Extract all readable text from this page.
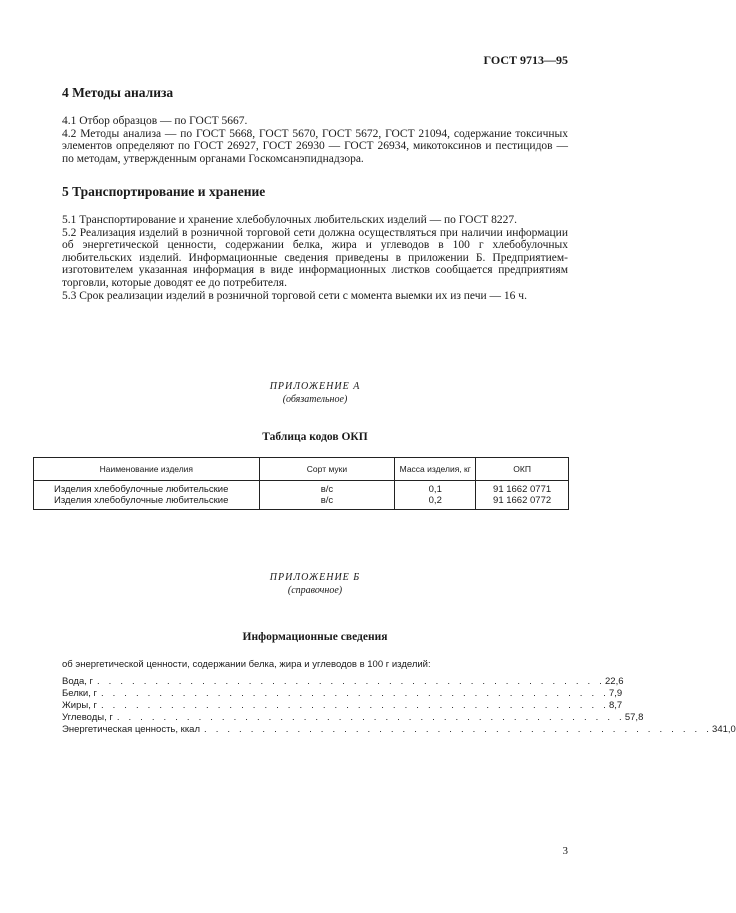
ГОСТ 9713—95
4 Методы анализа

4.1 Отбор образцов — по ГОСТ 5667.

4.2 Методы анализа — по ГОСТ 5668, ГОСТ 5670, ГОСТ 5672, ГОСТ 21094, содержание токсичных элементов определяют по ГОСТ 26927, ГОСТ 26930 — ГОСТ 26934, микотоксинов и пестицидов — по методам, утвержденным органами Госкомсанэпиднадзора.

5 Транспортирование и хранение

5.1 Транспортирование и хранение хлебобулочных любительских изделий — по ГОСТ 8227.

5.2 Реализация изделий в розничной торговой сети должна осуществляться при наличии информации об энергетической ценности, содержании белка, жира и углеводов в 100 г хлебобулочных любительских изделий. Информационные сведения приведены в приложении Б. Предприятием-изготовителем указанная информация в виде информационных листков сообщается предприятиям торговли, которые доводят ее до потребителя.

5.3 Срок реализации изделий в розничной торговой сети с момента выемки их из печи — 16 ч.

ПРИЛОЖЕНИЕ А
(обязательное)
Таблица кодов ОКП
Наименование изделия	Сорт муки	Масса изделия, кг	ОКП
Изделия хлебобулочные любительские	в/с	0,1	91 1662 0771
Изделия хлебобулочные любительские	в/с	0,2	91 1662 0772
ПРИЛОЖЕНИЕ Б
(справочное)
Информационные сведения
об энергетической ценности, содержании белка, жира и углеводов в 100 г изделий:
Вода, г . . . . . . . . . . . . . . . . . . . . . . . . . . . . . . . . . . . . . . . . . . . . 22,6
Белки, г . . . . . . . . . . . . . . . . . . . . . . . . . . . . . . . . . . . . . . . . . . . . 7,9
Жиры, г . . . . . . . . . . . . . . . . . . . . . . . . . . . . . . . . . . . . . . . . . . . . 8,7
Углеводы, г . . . . . . . . . . . . . . . . . . . . . . . . . . . . . . . . . . . . . . . . . . . . 57,8
Энергетическая ценность, ккал . . . . . . . . . . . . . . . . . . . . . . . . . . . . . . . . . . . . . . . . . . . . 341,0
3
